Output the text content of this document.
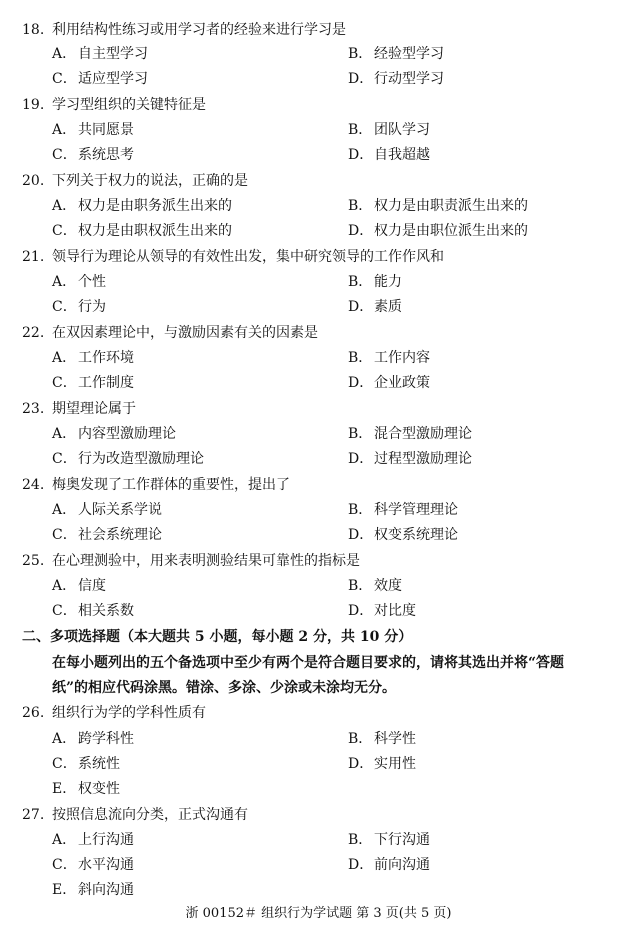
18. 利用结构性练习或用学习者的经验来进行学习是
A． 自主型学习	B． 经验型学习
C．适应型学习	D．行动型学习
19. 学习型组织的关键特征是
A． 共同愿景	B． 团队学习
C．系统思考	D．自我超越
20. 下列关于权力的说法，正确的是
A． 权力是由职务派生出来的	B． 权力是由职责派生出来的
C．权力是由职权派生出来的	D．权力是由职位派生出来的
21. 领导行为理论从领导的有效性出发，集中研究领导的工作作风和
A． 个性	B． 能力
C．行为	D．素质
22. 在双因素理论中，与激励因素有关的因素是
A． 工作环境	B． 工作内容
C．工作制度	D．企业政策
23. 期望理论属于
A． 内容型激励理论	B． 混合型激励理论
C．行为改造型激励理论	D．过程型激励理论
24. 梅奥发现了工作群体的重要性，提出了
A． 人际关系学说	B． 科学管理理论
C．社会系统理论	D．权变系统理论
25. 在心理测验中，用来表明测验结果可靠性的指标是
A． 信度	B． 效度
C．相关系数	D．对比度
二、多项选择题（本大题共 5 小题，每小题 2 分，共 10 分）
在每小题列出的五个备选项中至少有两个是符合题目要求的，请将其选出并将“答题
纸”的相应代码涂黑。错涂、多涂、少涂或未涂均无分。
26. 组织行为学的学科性质有
A． 跨学科性	B． 科学性
C．系统性	D．实用性
E． 权变性
27. 按照信息流向分类，正式沟通有
A． 上行沟通	B． 下行沟通
C．水平沟通	D．前向沟通
E． 斜向沟通
浙 00152＃ 组织行为学试题 第 3 页(共 5 页)
